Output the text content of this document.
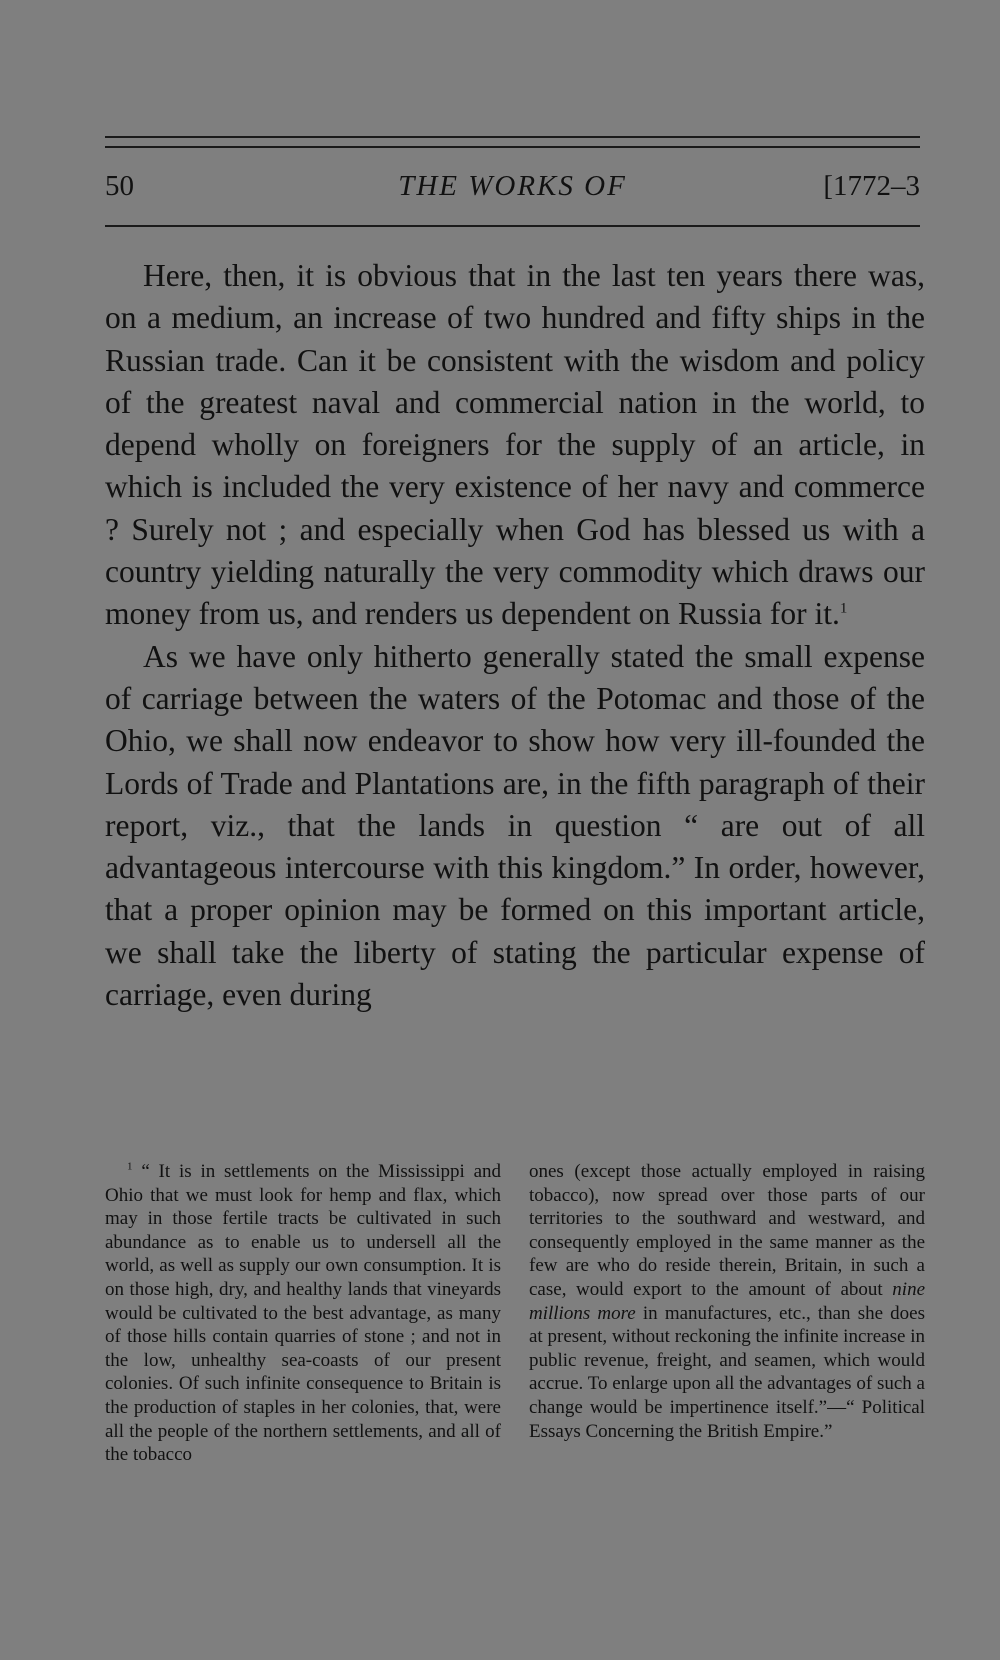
50	THE WORKS OF	[1772–3

Here, then, it is obvious that in the last ten years there was, on a medium, an increase of two hundred and fifty ships in the Russian trade. Can it be consistent with the wisdom and policy of the greatest naval and commercial nation in the world, to depend wholly on foreigners for the supply of an article, in which is included the very existence of her navy and commerce ? Surely not ; and especially when God has blessed us with a country yielding naturally the very commodity which draws our money from us, and renders us dependent on Russia for it.$^1$

As we have only hitherto generally stated the small expense of carriage between the waters of the Potomac and those of the Ohio, we shall now endeavor to show how very ill-founded the Lords of Trade and Plantations are, in the fifth paragraph of their report, viz., that the lands in question “ are out of all advantageous intercourse with this kingdom.” In order, however, that a proper opinion may be formed on this important article, we shall take the liberty of stating the particular expense of carriage, even during

$^1$ “ It is in settlements on the Mississippi and Ohio that we must look for hemp and flax, which may in those fertile tracts be cultivated in such abundance as to enable us to undersell all the world, as well as supply our own consumption. It is on those high, dry, and healthy lands that vineyards would be cultivated to the best advantage, as many of those hills contain quarries of stone ; and not in the low, unhealthy sea-coasts of our present colonies. Of such infinite consequence to Britain is the production of staples in her colonies, that, were all the people of the northern settlements, and all of the tobacco
ones (except those actually employed in raising tobacco), now spread over those parts of our territories to the southward and westward, and consequently employed in the same manner as the few are who do reside therein, Britain, in such a case, would export to the amount of about nine millions more in manufactures, etc., than she does at present, without reckoning the infinite increase in public revenue, freight, and seamen, which would accrue. To enlarge upon all the advantages of such a change would be impertinence itself.”—“ Political Essays Concerning the British Empire.”
